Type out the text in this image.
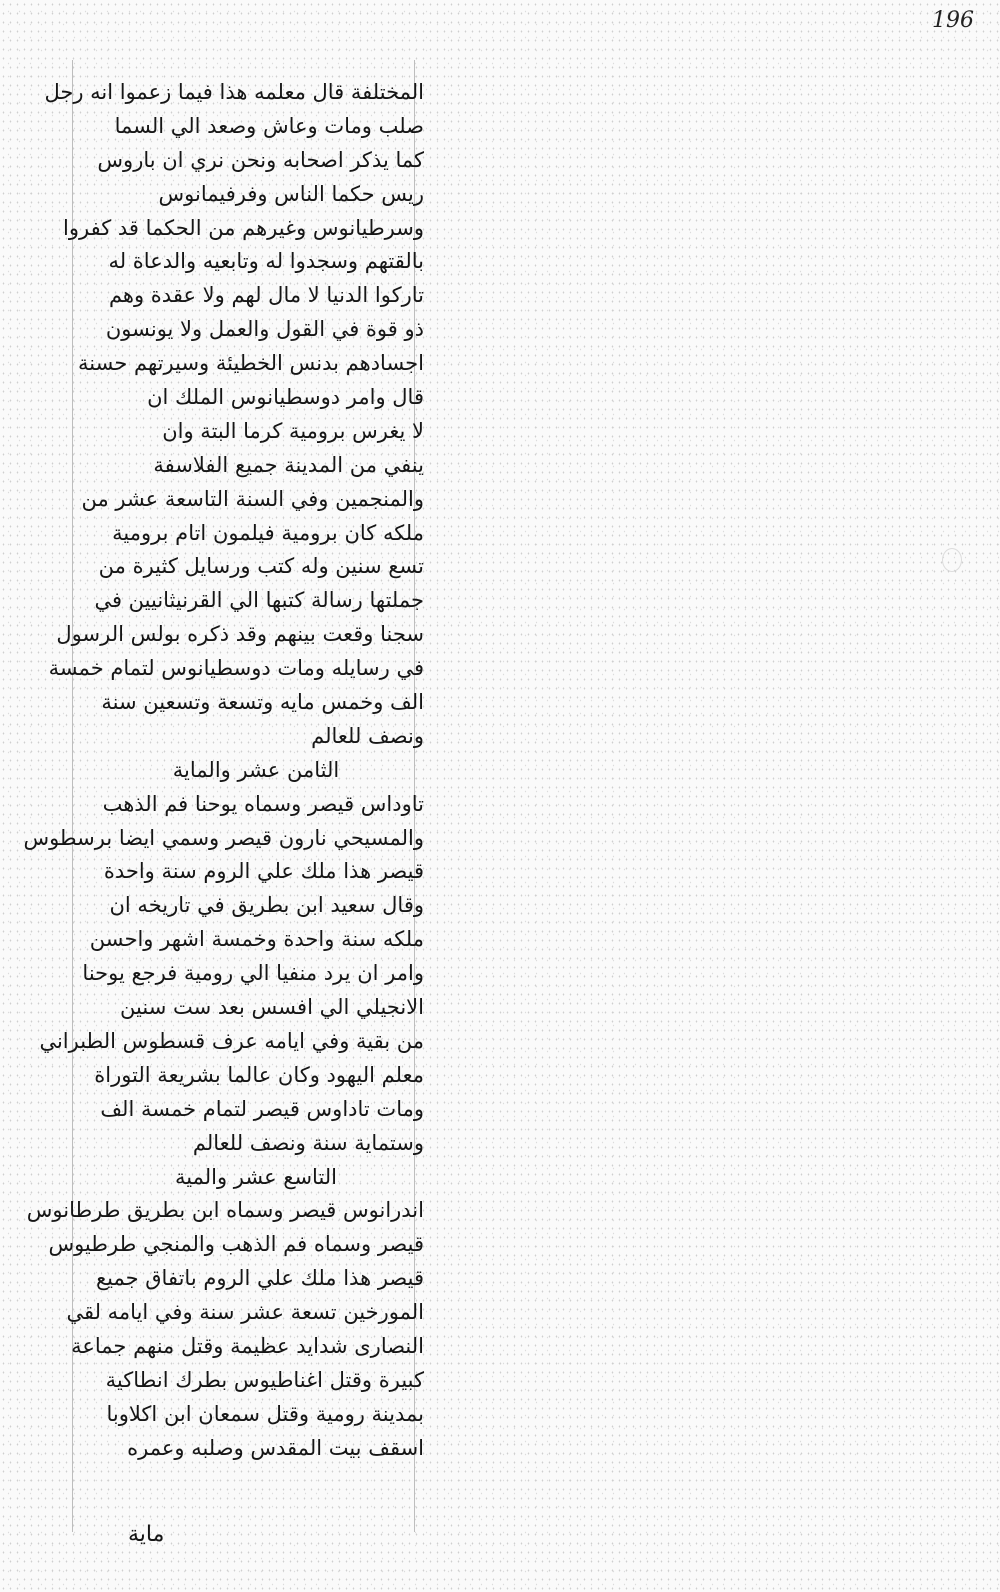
196
المختلفة قال معلمه هذا فيما زعموا انه رجل
صلب ومات وعاش وصعد الي السما
كما يذكر اصحابه ونحن نري ان باروس
ريس حكما الناس وفرفيمانوس
وسرطيانوس وغيرهم من الحكما قد كفروا
بالقتهم وسجدوا له وتابعيه والدعاة له
تاركوا الدنيا لا مال لهم ولا عقدة وهم
ذو قوة في القول والعمل ولا يونسون
اجسادهم بدنس الخطيئة وسيرتهم حسنة
قال وامر دوسطيانوس الملك ان
لا يغرس برومية كرما البتة وان
ينفي من المدينة جميع الفلاسفة
والمنجمين وفي السنة التاسعة عشر من
ملكه كان برومية فيلمون اتام برومية
تسع سنين وله كتب ورسايل كثيرة من
جملتها رسالة كتبها الي القرنيثانيين في
سجنا وقعت بينهم وقد ذكره بولس الرسول
في رسايله ومات دوسطيانوس لتمام خمسة
الف وخمس مايه وتسعة وتسعين سنة
ونصف للعالم
الثامن عشر والماية
تاوداس قيصر وسماه يوحنا فم الذهب
والمسيحي نارون قيصر وسمي ايضا برسطوس
قيصر هذا ملك علي الروم سنة واحدة
وقال سعيد ابن بطريق في تاريخه ان
ملكه سنة واحدة وخمسة اشهر واحسن
وامر ان يرد منفيا الي رومية فرجع يوحنا
الانجيلي الي افسس بعد ست سنين
من بقية وفي ايامه عرف قسطوس الطبراني
معلم اليهود وكان عالما بشريعة التوراة
ومات تاداوس قيصر لتمام خمسة الف
وستماية سنة ونصف للعالم
التاسع عشر والمية
اندرانوس قيصر وسماه ابن بطريق طرطانوس
قيصر وسماه فم الذهب والمنجي طرطيوس
قيصر هذا ملك علي الروم باتفاق جميع
المورخين تسعة عشر سنة وفي ايامه لقي
النصارى شدايد عظيمة وقتل منهم جماعة
كبيرة وقتل اغناطيوس بطرك انطاكية
بمدينة رومية وقتل سمعان ابن اكلاوبا
اسقف بيت المقدس وصلبه وعمره
ماية
